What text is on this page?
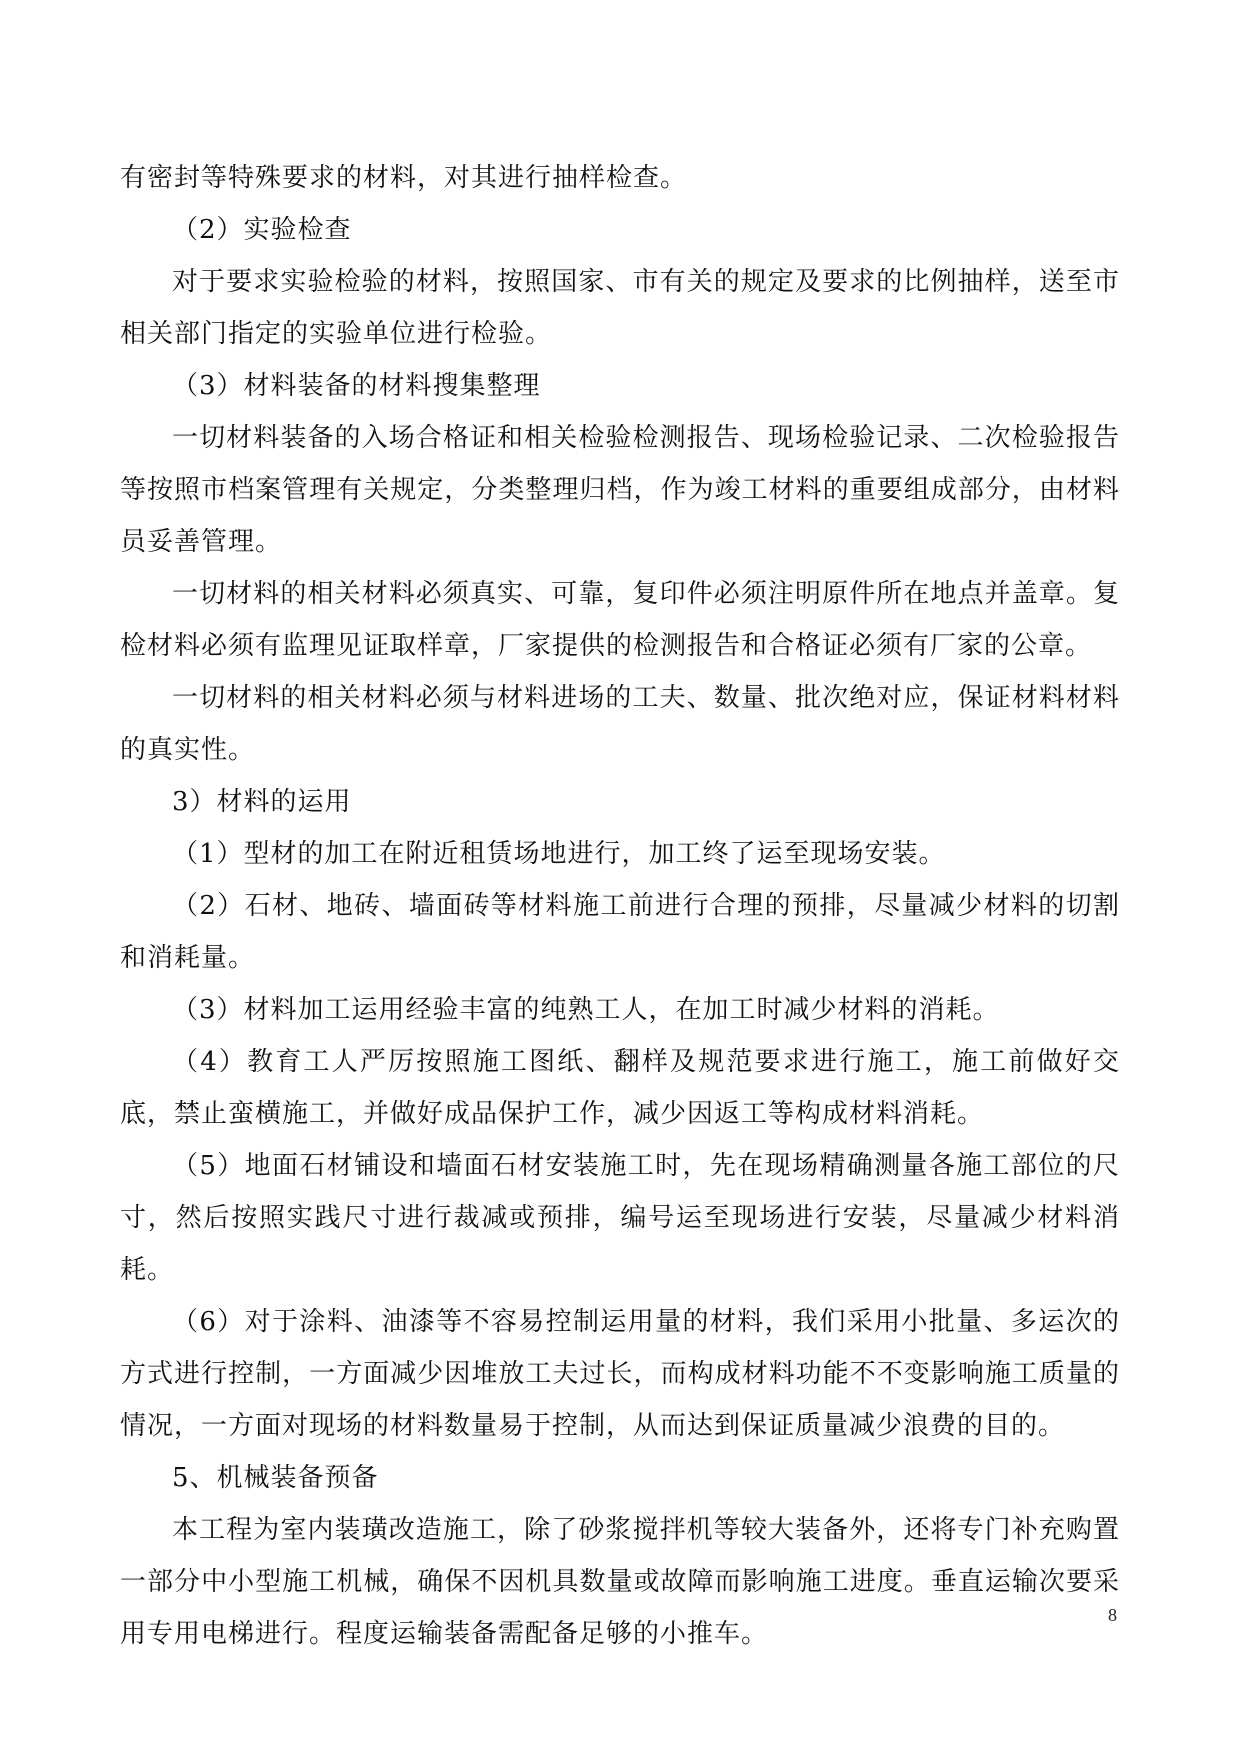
有密封等特殊要求的材料，对其进行抽样检查。

（2）实验检查

对于要求实验检验的材料，按照国家、市有关的规定及要求的比例抽样，送至市相关部门指定的实验单位进行检验。

（3）材料装备的材料搜集整理

一切材料装备的入场合格证和相关检验检测报告、现场检验记录、二次检验报告等按照市档案管理有关规定，分类整理归档，作为竣工材料的重要组成部分，由材料员妥善管理。

一切材料的相关材料必须真实、可靠，复印件必须注明原件所在地点并盖章。复检材料必须有监理见证取样章，厂家提供的检测报告和合格证必须有厂家的公章。

一切材料的相关材料必须与材料进场的工夫、数量、批次绝对应，保证材料材料的真实性。

3）材料的运用

（1）型材的加工在附近租赁场地进行，加工终了运至现场安装。

（2）石材、地砖、墙面砖等材料施工前进行合理的预排，尽量减少材料的切割和消耗量。

（3）材料加工运用经验丰富的纯熟工人，在加工时减少材料的消耗。

（4）教育工人严厉按照施工图纸、翻样及规范要求进行施工，施工前做好交底，禁止蛮横施工，并做好成品保护工作，减少因返工等构成材料消耗。

（5）地面石材铺设和墙面石材安装施工时，先在现场精确测量各施工部位的尺寸，然后按照实践尺寸进行裁减或预排，编号运至现场进行安装，尽量减少材料消耗。

（6）对于涂料、油漆等不容易控制运用量的材料，我们采用小批量、多运次的方式进行控制，一方面减少因堆放工夫过长，而构成材料功能不不变影响施工质量的情况，一方面对现场的材料数量易于控制，从而达到保证质量减少浪费的目的。

5、机械装备预备

本工程为室内装璜改造施工，除了砂浆搅拌机等较大装备外，还将专门补充购置一部分中小型施工机械，确保不因机具数量或故障而影响施工进度。垂直运输次要采用专用电梯进行。程度运输装备需配备足够的小推车。

8
